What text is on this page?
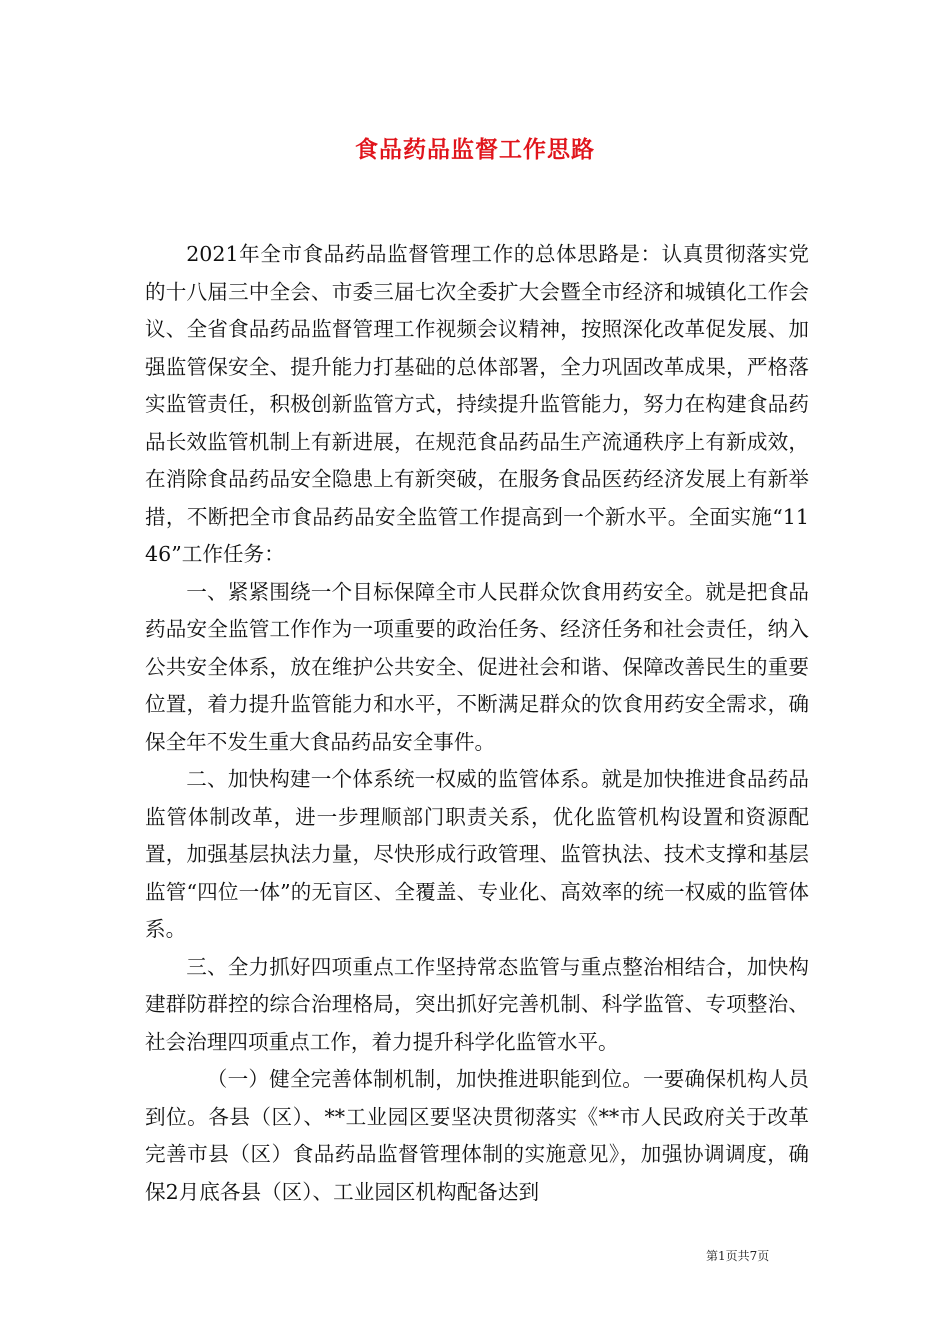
食品药品监督工作思路

2021年全市食品药品监督管理工作的总体思路是：认真贯彻落实党的十八届三中全会、市委三届七次全委扩大会暨全市经济和城镇化工作会议、全省食品药品监督管理工作视频会议精神，按照深化改革促发展、加强监管保安全、提升能力打基础的总体部署，全力巩固改革成果，严格落实监管责任，积极创新监管方式，持续提升监管能力，努力在构建食品药品长效监管机制上有新进展，在规范食品药品生产流通秩序上有新成效，在消除食品药品安全隐患上有新突破，在服务食品医药经济发展上有新举措，不断把全市食品药品安全监管工作提高到一个新水平。全面实施“1146”工作任务：

一、紧紧围绕一个目标保障全市人民群众饮食用药安全。就是把食品药品安全监管工作作为一项重要的政治任务、经济任务和社会责任，纳入公共安全体系，放在维护公共安全、促进社会和谐、保障改善民生的重要位置，着力提升监管能力和水平，不断满足群众的饮食用药安全需求，确保全年不发生重大食品药品安全事件。

二、加快构建一个体系统一权威的监管体系。就是加快推进食品药品监管体制改革，进一步理顺部门职责关系，优化监管机构设置和资源配置，加强基层执法力量，尽快形成行政管理、监管执法、技术支撑和基层监管“四位一体”的无盲区、全覆盖、专业化、高效率的统一权威的监管体系。

三、全力抓好四项重点工作坚持常态监管与重点整治相结合，加快构建群防群控的综合治理格局，突出抓好完善机制、科学监管、专项整治、社会治理四项重点工作，着力提升科学化监管水平。

（一）健全完善体制机制，加快推进职能到位。一要确保机构人员到位。各县（区）、**工业园区要坚决贯彻落实《**市人民政府关于改革完善市县（区）食品药品监督管理体制的实施意见》，加强协调调度，确保2月底各县（区）、工业园区机构配备达到

第1页共7页
